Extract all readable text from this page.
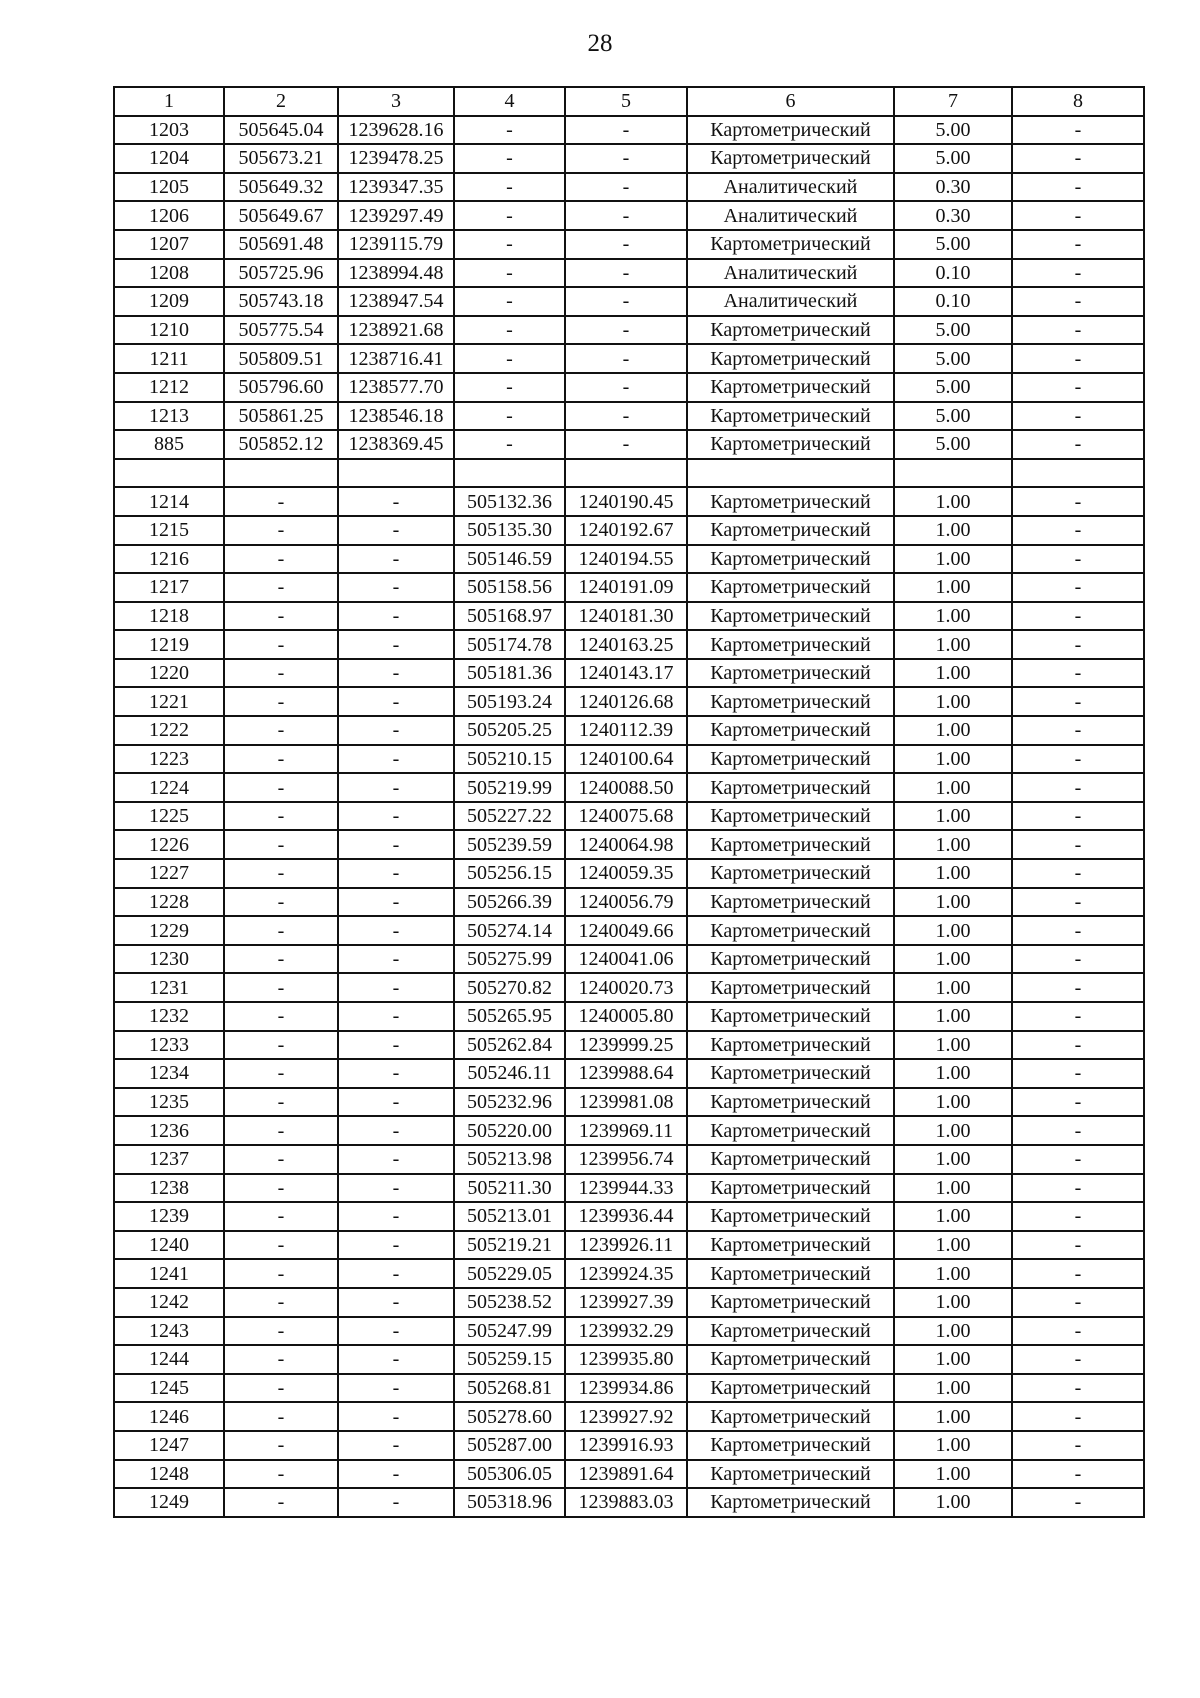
28
1	2	3	4	5	6	7	8
1203	505645.04	1239628.16	-	-	Картометрический	5.00	-
1204	505673.21	1239478.25	-	-	Картометрический	5.00	-
1205	505649.32	1239347.35	-	-	Аналитический	0.30	-
1206	505649.67	1239297.49	-	-	Аналитический	0.30	-
1207	505691.48	1239115.79	-	-	Картометрический	5.00	-
1208	505725.96	1238994.48	-	-	Аналитический	0.10	-
1209	505743.18	1238947.54	-	-	Аналитический	0.10	-
1210	505775.54	1238921.68	-	-	Картометрический	5.00	-
1211	505809.51	1238716.41	-	-	Картометрический	5.00	-
1212	505796.60	1238577.70	-	-	Картометрический	5.00	-
1213	505861.25	1238546.18	-	-	Картометрический	5.00	-
885	505852.12	1238369.45	-	-	Картометрический	5.00	-

1214	-	-	505132.36	1240190.45	Картометрический	1.00	-
1215	-	-	505135.30	1240192.67	Картометрический	1.00	-
1216	-	-	505146.59	1240194.55	Картометрический	1.00	-
1217	-	-	505158.56	1240191.09	Картометрический	1.00	-
1218	-	-	505168.97	1240181.30	Картометрический	1.00	-
1219	-	-	505174.78	1240163.25	Картометрический	1.00	-
1220	-	-	505181.36	1240143.17	Картометрический	1.00	-
1221	-	-	505193.24	1240126.68	Картометрический	1.00	-
1222	-	-	505205.25	1240112.39	Картометрический	1.00	-
1223	-	-	505210.15	1240100.64	Картометрический	1.00	-
1224	-	-	505219.99	1240088.50	Картометрический	1.00	-
1225	-	-	505227.22	1240075.68	Картометрический	1.00	-
1226	-	-	505239.59	1240064.98	Картометрический	1.00	-
1227	-	-	505256.15	1240059.35	Картометрический	1.00	-
1228	-	-	505266.39	1240056.79	Картометрический	1.00	-
1229	-	-	505274.14	1240049.66	Картометрический	1.00	-
1230	-	-	505275.99	1240041.06	Картометрический	1.00	-
1231	-	-	505270.82	1240020.73	Картометрический	1.00	-
1232	-	-	505265.95	1240005.80	Картометрический	1.00	-
1233	-	-	505262.84	1239999.25	Картометрический	1.00	-
1234	-	-	505246.11	1239988.64	Картометрический	1.00	-
1235	-	-	505232.96	1239981.08	Картометрический	1.00	-
1236	-	-	505220.00	1239969.11	Картометрический	1.00	-
1237	-	-	505213.98	1239956.74	Картометрический	1.00	-
1238	-	-	505211.30	1239944.33	Картометрический	1.00	-
1239	-	-	505213.01	1239936.44	Картометрический	1.00	-
1240	-	-	505219.21	1239926.11	Картометрический	1.00	-
1241	-	-	505229.05	1239924.35	Картометрический	1.00	-
1242	-	-	505238.52	1239927.39	Картометрический	1.00	-
1243	-	-	505247.99	1239932.29	Картометрический	1.00	-
1244	-	-	505259.15	1239935.80	Картометрический	1.00	-
1245	-	-	505268.81	1239934.86	Картометрический	1.00	-
1246	-	-	505278.60	1239927.92	Картометрический	1.00	-
1247	-	-	505287.00	1239916.93	Картометрический	1.00	-
1248	-	-	505306.05	1239891.64	Картометрический	1.00	-
1249	-	-	505318.96	1239883.03	Картометрический	1.00	-
